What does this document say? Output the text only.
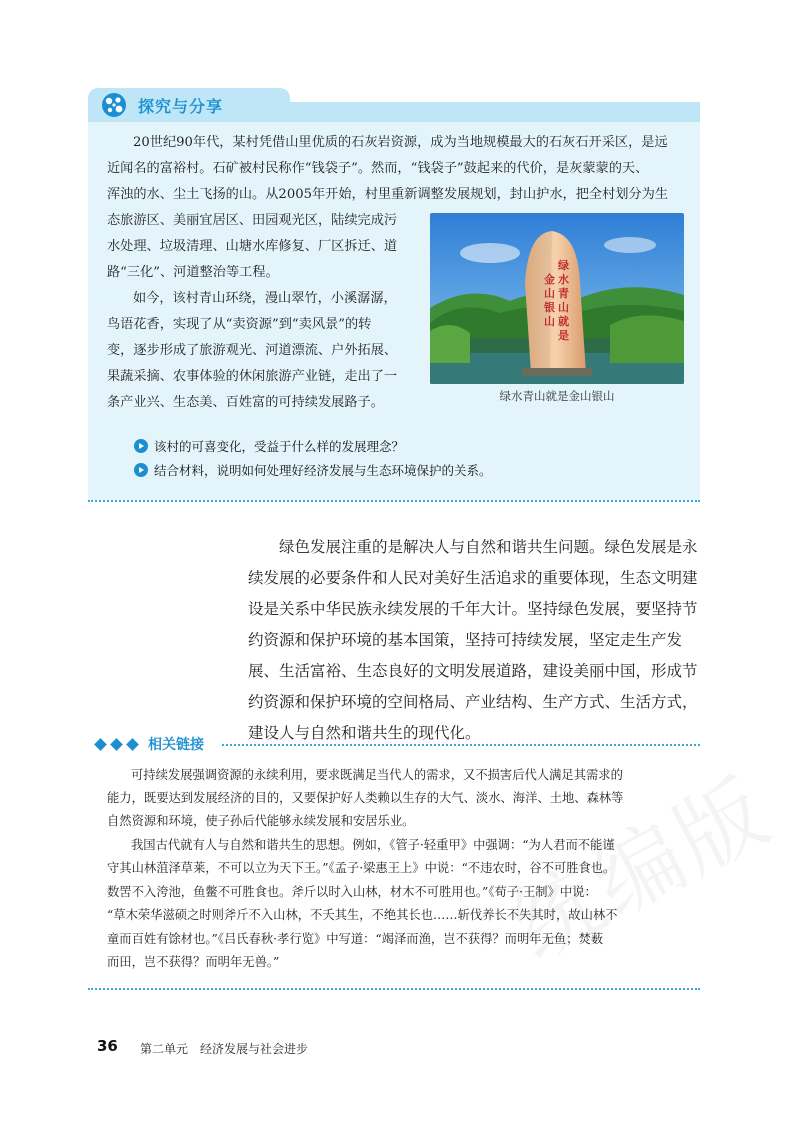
探究与分享
20世纪90年代，某村凭借山里优质的石灰岩资源，成为当地规模最大的石灰石开采区，是远
近闻名的富裕村。石矿被村民称作“钱袋子”。然而，“钱袋子”鼓起来的代价，是灰蒙蒙的天、
浑浊的水、尘土飞扬的山。从2005年开始，村里重新调整发展规划，封山护水，把全村划分为生
态旅游区、美丽宜居区、田园观光区，陆续完成污
水处理、垃圾清理、山塘水库修复、厂区拆迁、道
路“三化”、河道整治等工程。
如今，该村青山环绕，漫山翠竹，小溪潺潺，
鸟语花香，实现了从“卖资源”到“卖风景”的转
变，逐步形成了旅游观光、河道漂流、户外拓展、
果蔬采摘、农事体验的休闲旅游产业链，走出了一
条产业兴、生态美、百姓富的可持续发展路子。
绿
水
青
山
就
是
金
山
银
山
绿水青山就是金山银山
该村的可喜变化，受益于什么样的发展理念？
结合材料，说明如何处理好经济发展与生态环境保护的关系。
绿色发展注重的是解决人与自然和谐共生问题。绿色发展是永
续发展的必要条件和人民对美好生活追求的重要体现，生态文明建
设是关系中华民族永续发展的千年大计。坚持绿色发展，要坚持节
约资源和保护环境的基本国策，坚持可持续发展，坚定走生产发
展、生活富裕、生态良好的文明发展道路，建设美丽中国，形成节
约资源和保护环境的空间格局、产业结构、生产方式、生活方式，
建设人与自然和谐共生的现代化。
相关链接
可持续发展强调资源的永续利用，要求既满足当代人的需求，又不损害后代人满足其需求的
能力，既要达到发展经济的目的，又要保护好人类赖以生存的大气、淡水、海洋、土地、森林等
自然资源和环境，使子孙后代能够永续发展和安居乐业。
我国古代就有人与自然和谐共生的思想。例如，《管子·轻重甲》中强调：“为人君而不能谨
守其山林菹泽草莱，不可以立为天下王。”《孟子·梁惠王上》中说：“不违农时，谷不可胜食也。
数罟不入洿池，鱼鳖不可胜食也。斧斤以时入山林，材木不可胜用也。”《荀子·王制》中说：
“草木荣华滋硕之时则斧斤不入山林，不夭其生，不绝其长也……斩伐养长不失其时，故山林不
童而百姓有馀材也。”《吕氏春秋·孝行览》中写道：“竭泽而渔，岂不获得？而明年无鱼；焚薮
而田，岂不获得？而明年无兽。”
36 第二单元　经济发展与社会进步
